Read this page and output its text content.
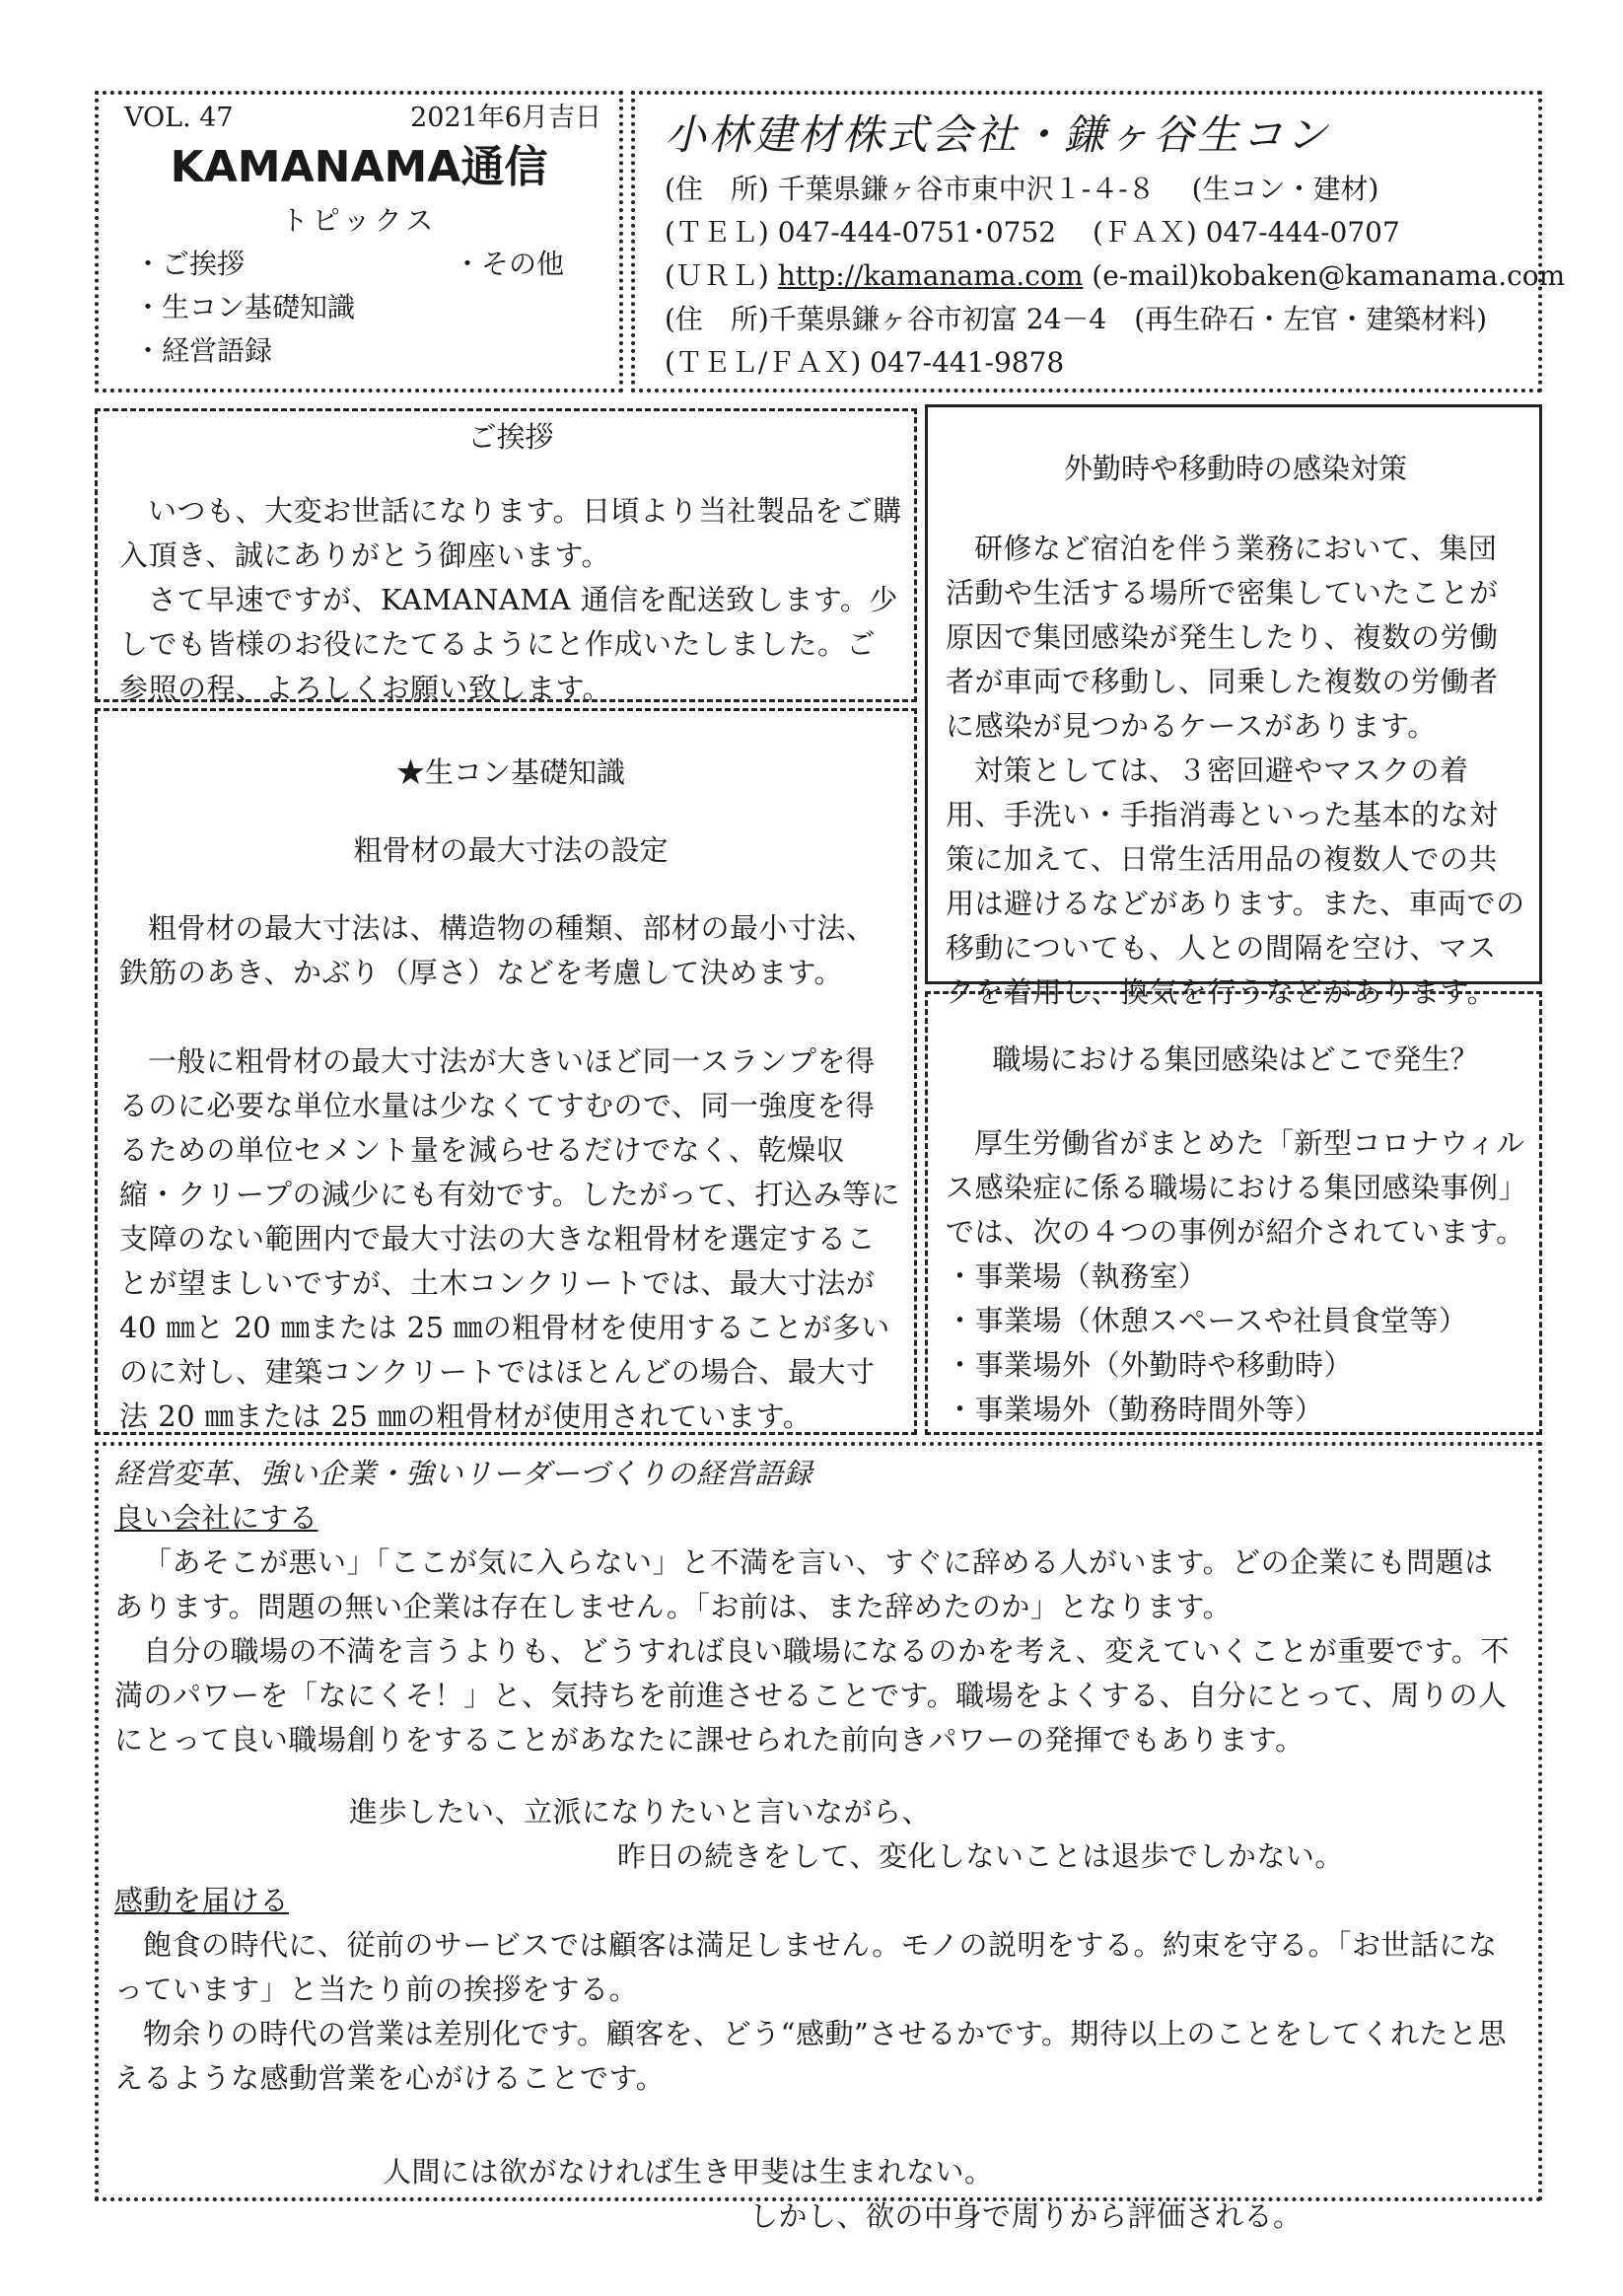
VOL. 47	2021年6月吉日
KAMANAMA通信
トピックス
・ご挨拶	・その他
・生コン基礎知識
・経営語録
小林建材株式会社・鎌ヶ谷生コン
(住　所) 千葉県鎌ヶ谷市東中沢１-４-８　 (生コン・建材)
(ＴＥＬ) 047‐444‐0751･0752　 (ＦＡＸ) 047‐444‐0707
(ＵＲＬ) http://kamanama.com (e-mail)kobaken@kamanama.com
(住　所)千葉県鎌ヶ谷市初富 24－4　(再生砕石・左官・建築材料)
(ＴＥＬ/ＦＡＸ) 047‐441‐9878
ご挨拶

いつも、大変お世話になります。日頃より当社製品をご購入頂き、誠にありがとう御座います。

さて早速ですが、KAMANAMA 通信を配送致します。少しでも皆様のお役にたてるようにと作成いたしました。ご参照の程、よろしくお願い致します。

★生コン基礎知識
粗骨材の最大寸法の設定

粗骨材の最大寸法は、構造物の種類、部材の最小寸法、鉄筋のあき、かぶり（厚さ）などを考慮して決めます。

一般に粗骨材の最大寸法が大きいほど同一スランプを得るのに必要な単位水量は少なくてすむので、同一強度を得るための単位セメント量を減らせるだけでなく、乾燥収縮・クリープの減少にも有効です。したがって、打込み等に支障のない範囲内で最大寸法の大きな粗骨材を選定することが望ましいですが、土木コンクリートでは、最大寸法が 40 ㎜と 20 ㎜または 25 ㎜の粗骨材を使用することが多いのに対し、建築コンクリートではほとんどの場合、最大寸法 20 ㎜または 25 ㎜の粗骨材が使用されています。

外勤時や移動時の感染対策

研修など宿泊を伴う業務において、集団活動や生活する場所で密集していたことが原因で集団感染が発生したり、複数の労働者が車両で移動し、同乗した複数の労働者に感染が見つかるケースがあります。

対策としては、３密回避やマスクの着用、手洗い・手指消毒といった基本的な対策に加えて、日常生活用品の複数人での共用は避けるなどがあります。また、車両での移動についても、人との間隔を空け、マスクを着用し、換気を行うなどがあります。

職場における集団感染はどこで発生？

厚生労働省がまとめた「新型コロナウィルス感染症に係る職場における集団感染事例」では、次の４つの事例が紹介されています。

・事業場（執務室）

・事業場（休憩スペースや社員食堂等）

・事業場外（外勤時や移動時）

・事業場外（勤務時間外等）

経営変革、強い企業・強いリーダーづくりの経営語録

良い会社にする

「あそこが悪い」「ここが気に入らない」と不満を言い、すぐに辞める人がいます。どの企業にも問題はあります。問題の無い企業は存在しません。「お前は、また辞めたのか」となります。

自分の職場の不満を言うよりも、どうすれば良い職場になるのかを考え、変えていくことが重要です。不満のパワーを「なにくそ！」と、気持ちを前進させることです。職場をよくする、自分にとって、周りの人にとって良い職場創りをすることがあなたに課せられた前向きパワーの発揮でもあります。

進歩したい、立派になりたいと言いながら、

昨日の続きをして、変化しないことは退歩でしかない。

感動を届ける

飽食の時代に、従前のサービスでは顧客は満足しません。モノの説明をする。約束を守る。「お世話になっています」と当たり前の挨拶をする。

物余りの時代の営業は差別化です。顧客を、どう“感動”させるかです。期待以上のことをしてくれたと思えるような感動営業を心がけることです。

人間には欲がなければ生き甲斐は生まれない。

しかし、欲の中身で周りから評価される。
